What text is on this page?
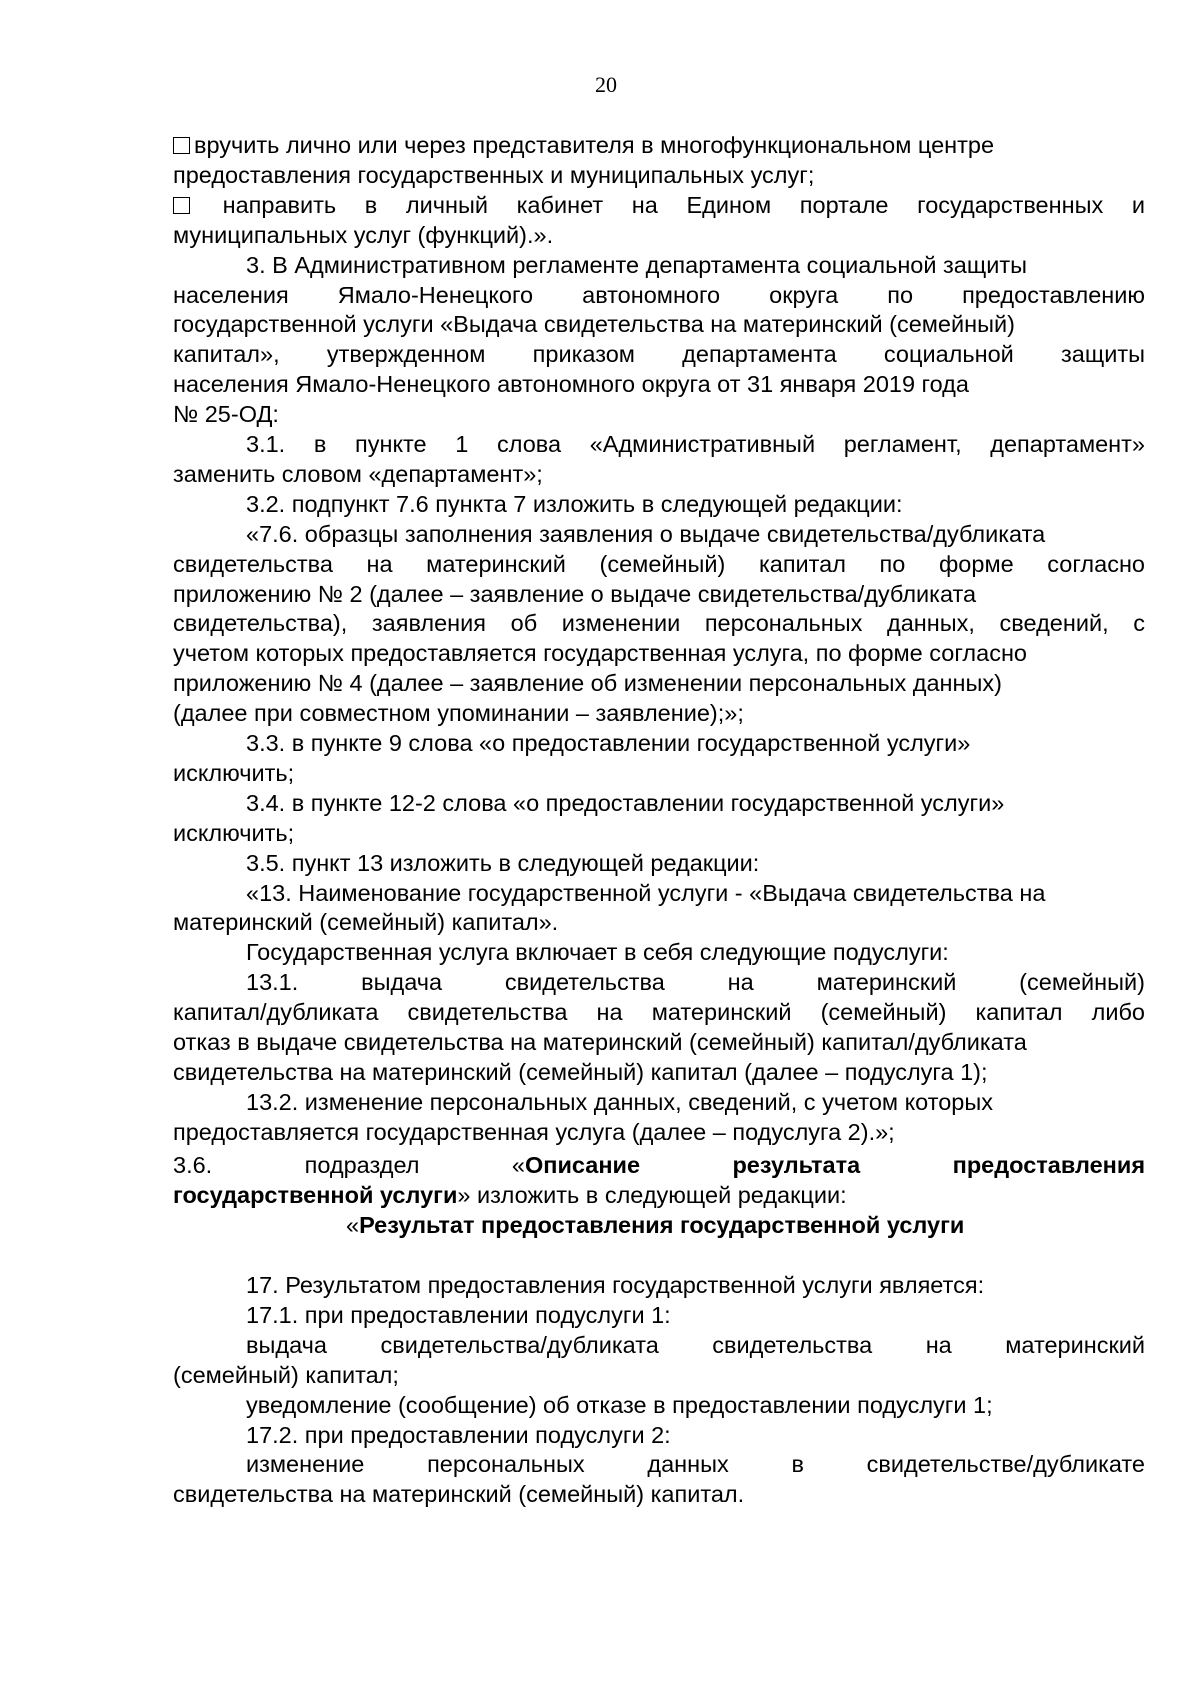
20
3.6.	подраздел	«Описание	результата	предоставления
государственной услуги» изложить в следующей редакции:
«Результат предоставления государственной услуги
вручить лично или через представителя в многофункциональном центре
предоставления государственных и муниципальных услуг;
направить в личный кабинет на Едином портале государственных и
муниципальных услуг (функций).».
3. В Административном регламенте департамента социальной защиты
населения Ямало-Ненецкого автономного округа по предоставлению
государственной услуги «Выдача свидетельства на материнский (семейный)
капитал», утвержденном приказом департамента социальной защиты
населения Ямало-Ненецкого автономного округа от 31 января 2019 года
№ 25-ОД:
3.1. в пункте 1 слова «Административный регламент, департамент»
заменить словом «департамент»;
3.2. подпункт 7.6 пункта 7 изложить в следующей редакции:
«7.6. образцы заполнения заявления о выдаче свидетельства/дубликата
свидетельства на материнский (семейный) капитал по форме согласно
приложению № 2 (далее – заявление о выдаче свидетельства/дубликата
свидетельства), заявления об изменении персональных данных, сведений, с
учетом которых предоставляется государственная услуга, по форме согласно
приложению № 4 (далее – заявление об изменении персональных данных)
(далее при совместном упоминании – заявление);»;
3.3. в пункте 9 слова «о предоставлении государственной услуги»
исключить;
3.4. в пункте 12-2 слова «о предоставлении государственной услуги»
исключить;
3.5. пункт 13 изложить в следующей редакции:
«13. Наименование государственной услуги - «Выдача свидетельства на
материнский (семейный) капитал».
Государственная услуга включает в себя следующие подуслуги:
13.1. выдача свидетельства на материнский (семейный)
капитал/дубликата свидетельства на материнский (семейный) капитал либо
отказ в выдаче свидетельства на материнский (семейный) капитал/дубликата
свидетельства на материнский (семейный) капитал (далее – подуслуга 1);
13.2. изменение персональных данных, сведений, с учетом которых
предоставляется государственная услуга (далее – подуслуга 2).»;
17. Результатом предоставления государственной услуги является:
17.1. при предоставлении подуслуги 1:
выдача свидетельства/дубликата свидетельства на материнский
(семейный) капитал;
уведомление (сообщение) об отказе в предоставлении подуслуги 1;
17.2. при предоставлении подуслуги 2:
изменение персональных данных в свидетельстве/дубликате
свидетельства на материнский (семейный) капитал.
